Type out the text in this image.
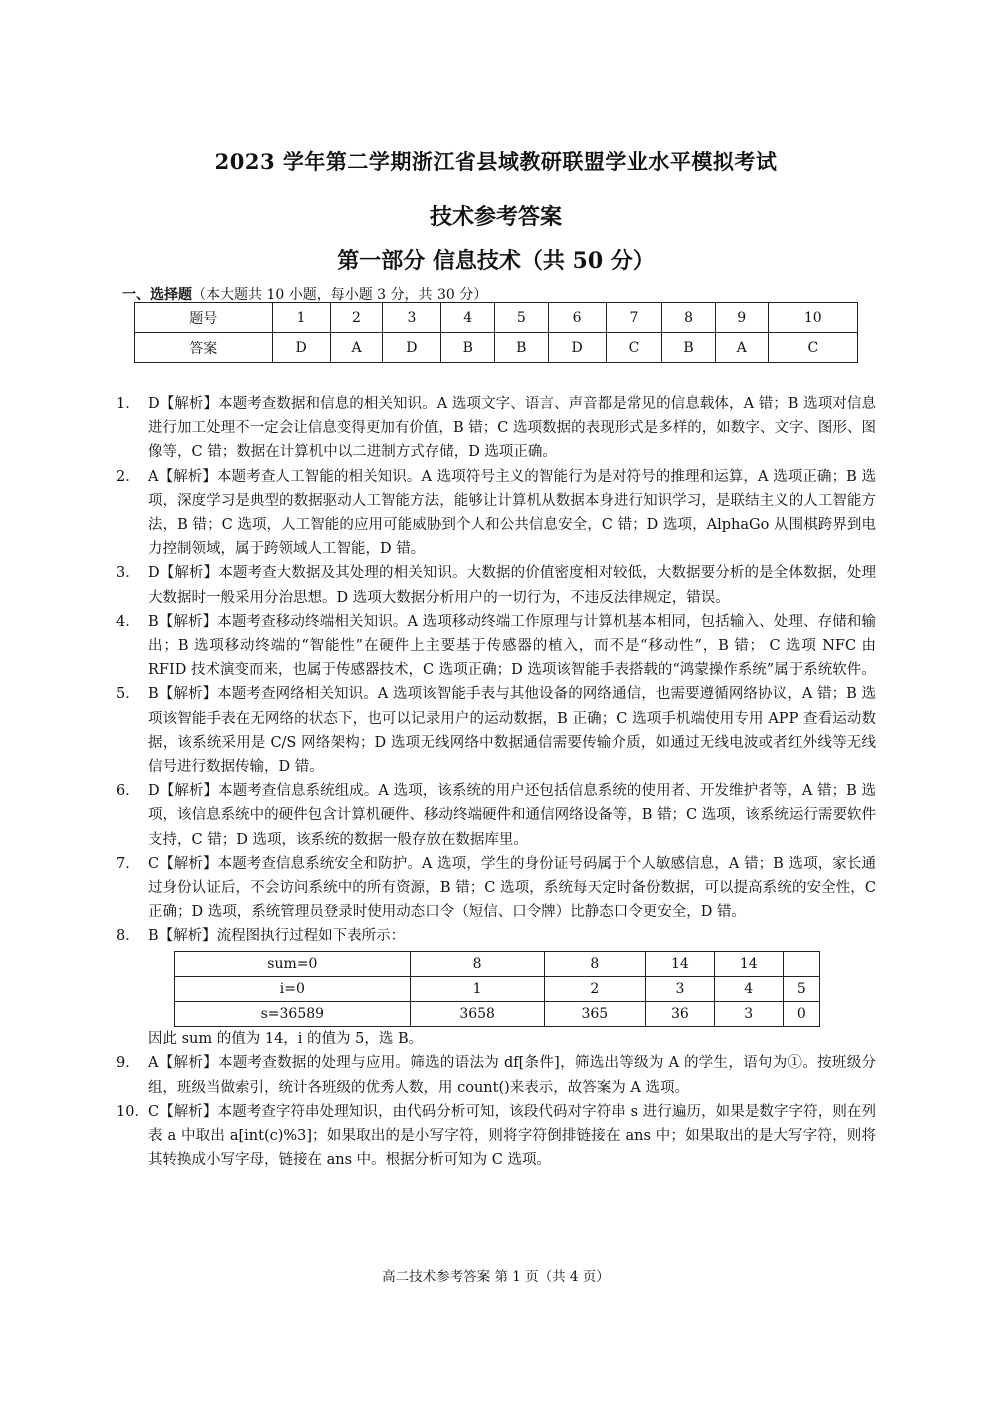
2023 学年第二学期浙江省县域教研联盟学业水平模拟考试
技术参考答案
第一部分 信息技术（共 50 分）
一、选择题（本大题共 10 小题，每小题 3 分，共 30 分）
题号	1	2	3	4	5	6	7	8	9	10
答案	D	A	D	B	B	D	C	B	A	C
1． D【解析】本题考查数据和信息的相关知识。A 选项文字、语言、声音都是常见的信息载体，A 错；B 选项对信息进行加工处理不一定会让信息变得更加有价值，B 错；C 选项数据的表现形式是多样的，如数字、文字、图形、图像等，C 错；数据在计算机中以二进制方式存储，D 选项正确。
2． A【解析】本题考查人工智能的相关知识。A 选项符号主义的智能行为是对符号的推理和运算，A 选项正确；B 选项，深度学习是典型的数据驱动人工智能方法，能够让计算机从数据本身进行知识学习，是联结主义的人工智能方法，B 错；C 选项，人工智能的应用可能威胁到个人和公共信息安全，C 错；D 选项，AlphaGo 从围棋跨界到电力控制领域，属于跨领域人工智能，D 错。
3． D【解析】本题考查大数据及其处理的相关知识。大数据的价值密度相对较低，大数据要分析的是全体数据，处理大数据时一般采用分治思想。D 选项大数据分析用户的一切行为，不违反法律规定，错误。
4． B【解析】本题考查移动终端相关知识。A 选项移动终端工作原理与计算机基本相同，包括输入、处理、存储和输出；B 选项移动终端的“智能性”在硬件上主要基于传感器的植入，而不是“移动性”，B 错； C 选项 NFC 由 RFID 技术演变而来，也属于传感器技术，C 选项正确；D 选项该智能手表搭载的“鸿蒙操作系统”属于系统软件。
5． B【解析】本题考查网络相关知识。A 选项该智能手表与其他设备的网络通信，也需要遵循网络协议，A 错；B 选项该智能手表在无网络的状态下，也可以记录用户的运动数据，B 正确；C 选项手机端使用专用 APP 查看运动数据，该系统采用是 C/S 网络架构；D 选项无线网络中数据通信需要传输介质，如通过无线电波或者红外线等无线信号进行数据传输，D 错。
6． D【解析】本题考查信息系统组成。A 选项，该系统的用户还包括信息系统的使用者、开发维护者等，A 错；B 选项，该信息系统中的硬件包含计算机硬件、移动终端硬件和通信网络设备等，B 错；C 选项，该系统运行需要软件支持，C 错；D 选项，该系统的数据一般存放在数据库里。
7． C【解析】本题考查信息系统安全和防护。A 选项，学生的身份证号码属于个人敏感信息，A 错；B 选项，家长通过身份认证后，不会访问系统中的所有资源，B 错；C 选项，系统每天定时备份数据，可以提高系统的安全性，C 正确；D 选项，系统管理员登录时使用动态口令（短信、口令牌）比静态口令更安全，D 错。
8． B【解析】流程图执行过程如下表所示：
sum=0	8	8	14	14	
i=0	1	2	3	4	5
s=36589	3658	365	36	3	0
因此 sum 的值为 14，i 的值为 5，选 B。
9． A【解析】本题考查数据的处理与应用。筛选的语法为 df[条件]，筛选出等级为 A 的学生，语句为①。按班级分组，班级当做索引，统计各班级的优秀人数，用 count()来表示，故答案为 A 选项。
10． C【解析】本题考查字符串处理知识，由代码分析可知，该段代码对字符串 s 进行遍历，如果是数字字符，则在列表 a 中取出 a[int(c)%3]；如果取出的是小写字符，则将字符倒排链接在 ans 中；如果取出的是大写字符，则将其转换成小写字母，链接在 ans 中。根据分析可知为 C 选项。
高二技术参考答案 第 1 页（共 4 页）
